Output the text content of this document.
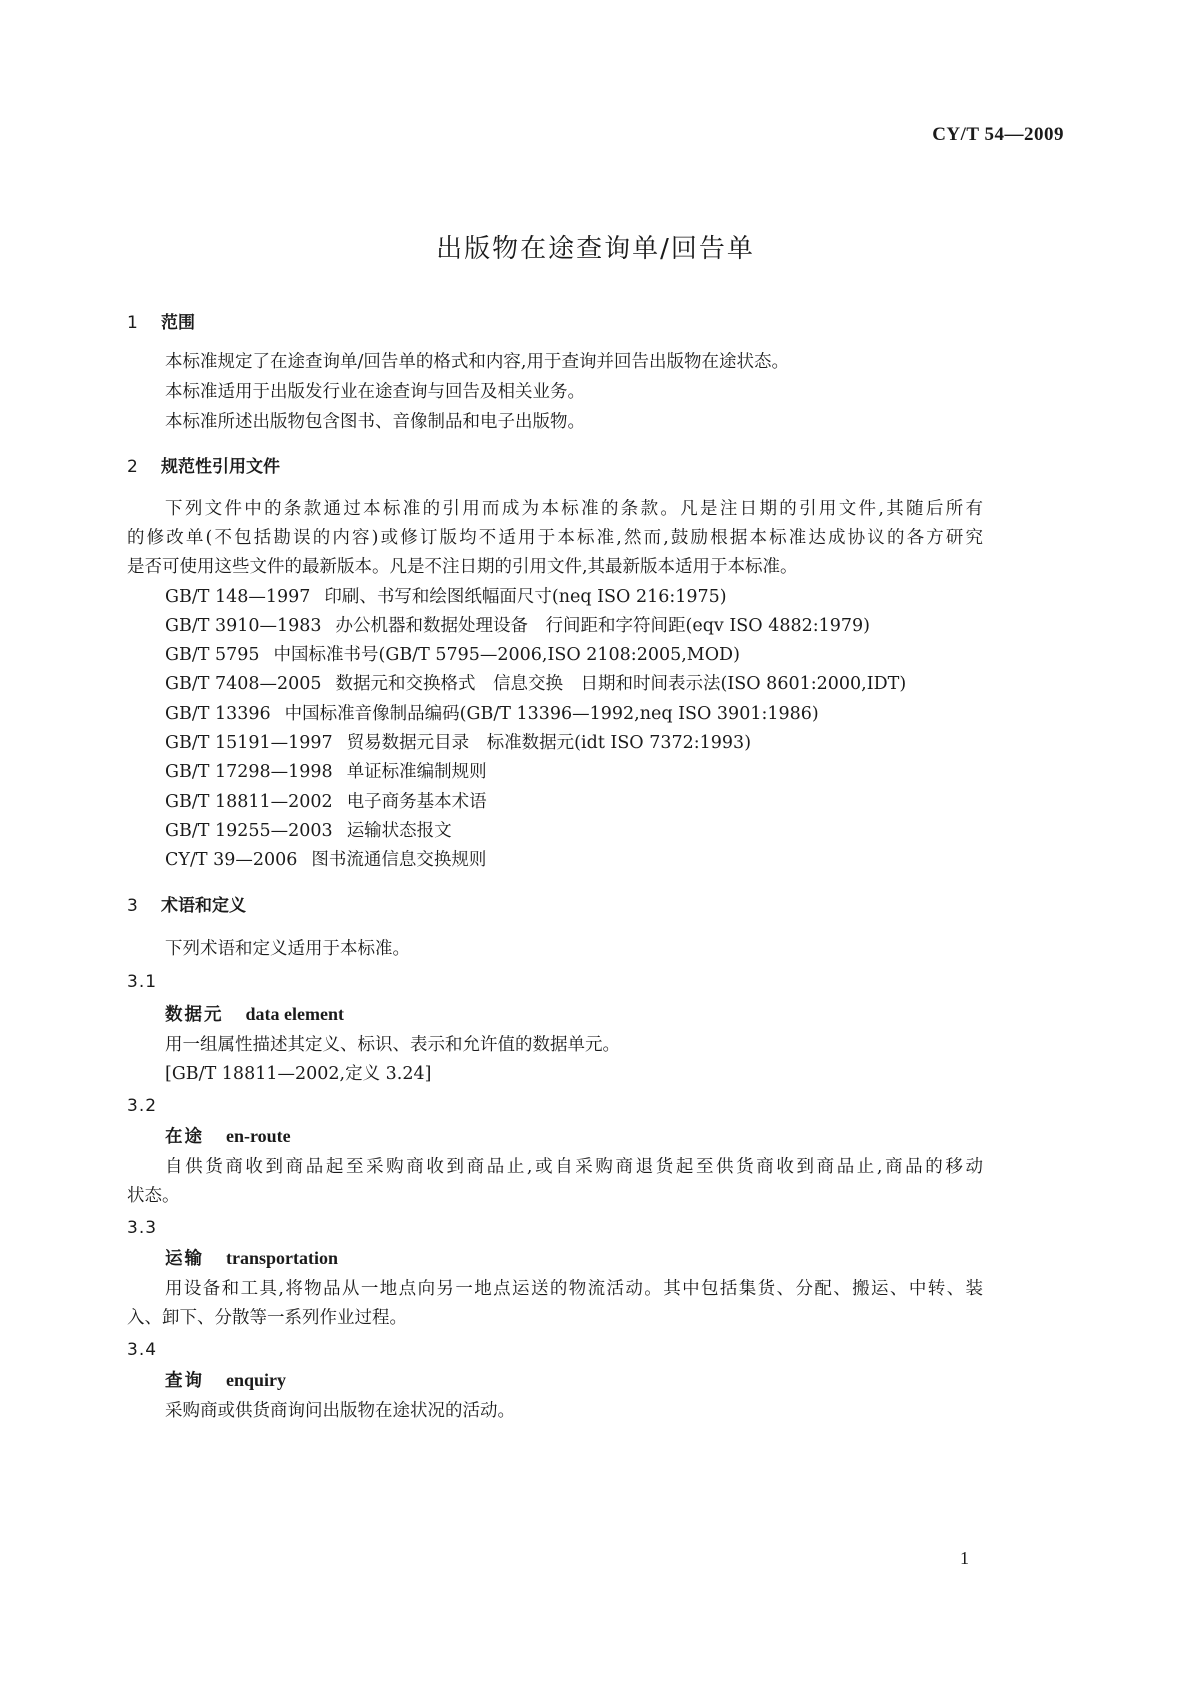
CY/T 54—2009
出版物在途查询单/回告单
1 范围
本标准规定了在途查询单/回告单的格式和内容,用于查询并回告出版物在途状态。
本标准适用于出版发行业在途查询与回告及相关业务。
本标准所述出版物包含图书、音像制品和电子出版物。
2 规范性引用文件
下列文件中的条款通过本标准的引用而成为本标准的条款。凡是注日期的引用文件,其随后所有
的修改单(不包括勘误的内容)或修订版均不适用于本标准,然而,鼓励根据本标准达成协议的各方研究
是否可使用这些文件的最新版本。凡是不注日期的引用文件,其最新版本适用于本标准。
GB/T 148—1997 印刷、书写和绘图纸幅面尺寸(neq ISO 216:1975)
GB/T 3910—1983 办公机器和数据处理设备　行间距和字符间距(eqv ISO 4882:1979)
GB/T 5795 中国标准书号(GB/T 5795—2006,ISO 2108:2005,MOD)
GB/T 7408—2005 数据元和交换格式　信息交换　日期和时间表示法(ISO 8601:2000,IDT)
GB/T 13396 中国标准音像制品编码(GB/T 13396—1992,neq ISO 3901:1986)
GB/T 15191—1997 贸易数据元目录　标准数据元(idt ISO 7372:1993)
GB/T 17298—1998 单证标准编制规则
GB/T 18811—2002 电子商务基本术语
GB/T 19255—2003 运输状态报文
CY/T 39—2006 图书流通信息交换规则
3 术语和定义
下列术语和定义适用于本标准。
3.1
数据元 data element
用一组属性描述其定义、标识、表示和允许值的数据单元。
[GB/T 18811—2002,定义 3.24]
3.2
在途 en-route
自供货商收到商品起至采购商收到商品止,或自采购商退货起至供货商收到商品止,商品的移动
状态。
3.3
运输 transportation
用设备和工具,将物品从一地点向另一地点运送的物流活动。其中包括集货、分配、搬运、中转、装
入、卸下、分散等一系列作业过程。
3.4
查询 enquiry
采购商或供货商询问出版物在途状况的活动。
1
